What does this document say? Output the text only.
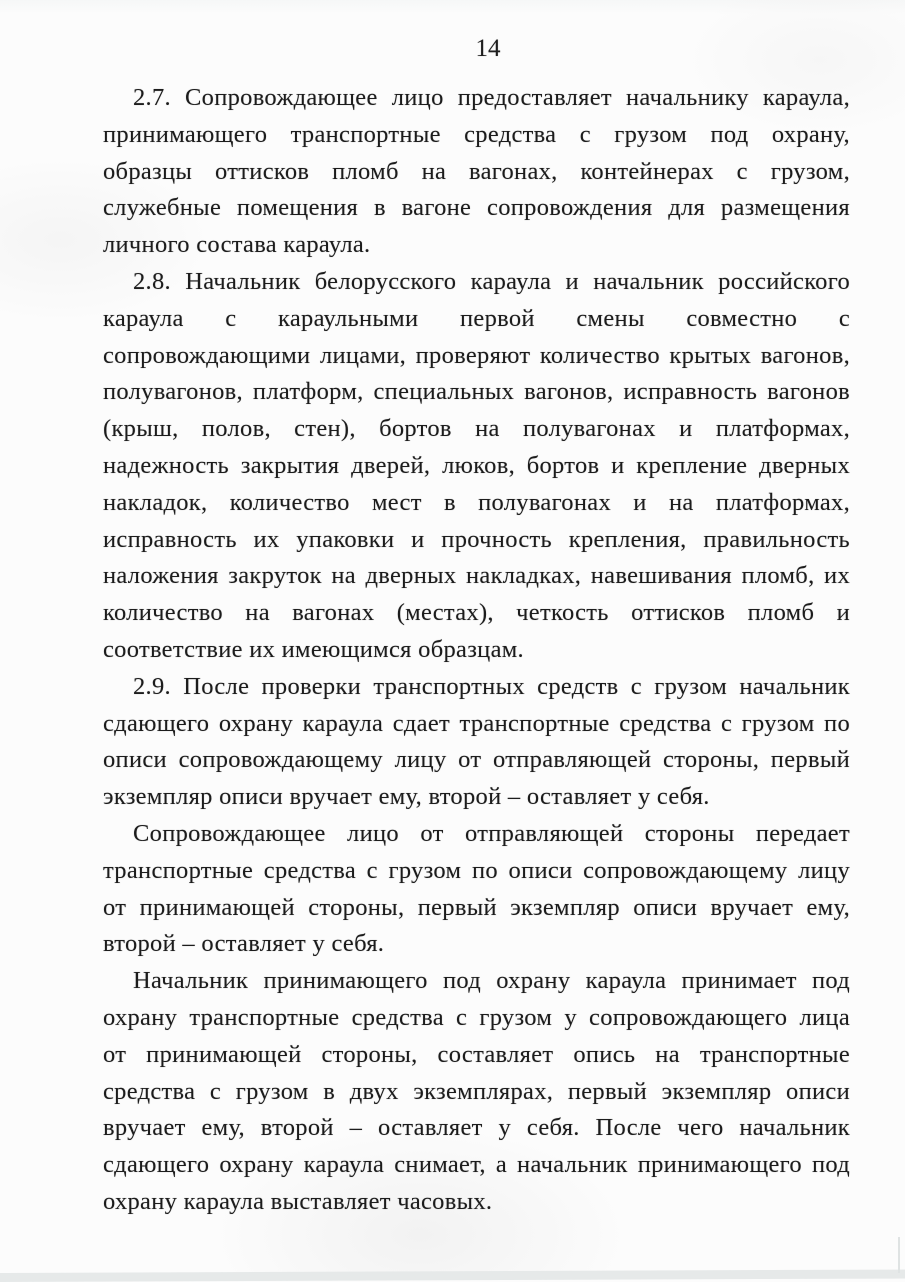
14
2.7. Сопровождающее лицо предоставляет начальнику караула,
принимающего транспортные средства с грузом под охрану,
образцы оттисков пломб на вагонах, контейнерах с грузом,
служебные помещения в вагоне сопровождения для размещения
личного состава караула.
2.8. Начальник белорусского караула и начальник российского
караула с караульными первой смены совместно с
сопровождающими лицами, проверяют количество крытых вагонов,
полувагонов, платформ, специальных вагонов, исправность вагонов
(крыш, полов, стен), бортов на полувагонах и платформах,
надежность закрытия дверей, люков, бортов и крепление дверных
накладок, количество мест в полувагонах и на платформах,
исправность их упаковки и прочность крепления, правильность
наложения закруток на дверных накладках, навешивания пломб, их
количество на вагонах (местах), четкость оттисков пломб и
соответствие их имеющимся образцам.
2.9. После проверки транспортных средств с грузом начальник
сдающего охрану караула сдает транспортные средства с грузом по
описи сопровождающему лицу от отправляющей стороны, первый
экземпляр описи вручает ему, второй – оставляет у себя.
Сопровождающее лицо от отправляющей стороны передает
транспортные средства с грузом по описи сопровождающему лицу
от принимающей стороны, первый экземпляр описи вручает ему,
второй – оставляет у себя.
Начальник принимающего под охрану караула принимает под
охрану транспортные средства с грузом у сопровождающего лица
от принимающей стороны, составляет опись на транспортные
средства с грузом в двух экземплярах, первый экземпляр описи
вручает ему, второй – оставляет у себя. После чего начальник
сдающего охрану караула снимает, а начальник принимающего под
охрану караула выставляет часовых.
